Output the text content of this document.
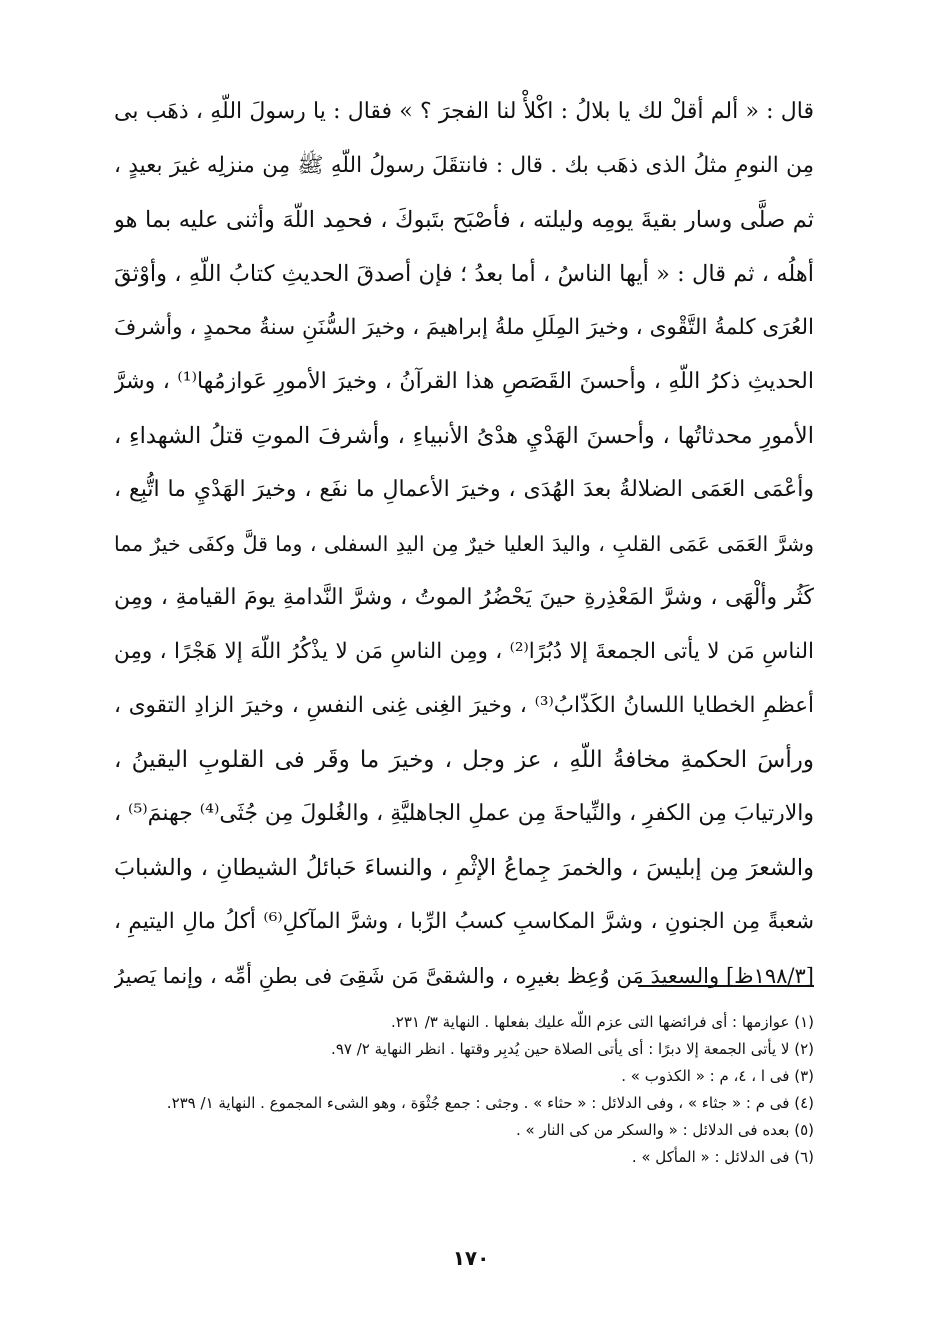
قال : « ألم أقلْ لك يا بلالُ : اكْلأْ لنا الفجرَ ؟ » فقال : يا رسولَ اللّهِ ، ذهَب بى
مِن النومِ مثلُ الذى ذهَب بك . قال : فانتقَلَ رسولُ اللّهِ ﷺ مِن منزلِه غيرَ بعيدٍ ،
ثم صلَّى وسار بقيةَ يومِه وليلته ، فأصْبَح بتَبوكَ ، فحمِد اللّهَ وأثنى عليه بما هو
أهلُه ، ثم قال : « أيها الناسُ ، أما بعدُ ؛ فإن أصدقَ الحديثِ كتابُ اللّهِ ، وأوْثقَ
العُرَى كلمةُ التَّقْوى ، وخيرَ المِلَلِ ملةُ إبراهيمَ ، وخيرَ السُّنَنِ سنةُ محمدٍ ، وأشرفَ
الحديثِ ذكرُ اللّهِ ، وأحسنَ القَصَصِ هذا القرآنُ ، وخيرَ الأمورِ عَوازمُها⁽¹⁾ ، وشرَّ
الأمورِ محدثاتُها ، وأحسنَ الهَدْيِ هدْىُ الأنبياءِ ، وأشرفَ الموتِ قتلُ الشهداءِ ،
وأعْمَى العَمَى الضلالةُ بعدَ الهُدَى ، وخيرَ الأعمالِ ما نفَع ، وخيرَ الهَدْيِ ما اتُّبِع ،
وشرَّ العَمَى عَمَى القلبِ ، واليدَ العليا خيرٌ مِن اليدِ السفلى ، وما قلَّ وكفَى خيرٌ مما
كَثُر وألْهَى ، وشرَّ المَعْذِرةِ حينَ يَحْضُرُ الموتُ ، وشرَّ النَّدامةِ يومَ القيامةِ ، ومِن
الناسِ مَن لا يأتى الجمعةَ إلا دُبُرًا⁽²⁾ ، ومِن الناسِ مَن لا يذْكُرُ اللّهَ إلا هَجْرًا ، ومِن
أعظمِ الخطايا اللسانُ الكَذّابُ⁽³⁾ ، وخيرَ الغِنى غِنى النفسِ ، وخيرَ الزادِ التقوى ،
ورأسَ الحكمةِ مخافةُ اللّهِ ، عز وجل ، وخيرَ ما وقَر فى القلوبِ اليقينُ ،
والارتيابَ مِن الكفرِ ، والنِّياحةَ مِن عملِ الجاهليَّةِ ، والغُلولَ مِن جُثَى⁽⁴⁾ جهنمَ⁽⁵⁾ ،
والشعرَ مِن إبليسَ ، والخمرَ جِماعُ الإثْمِ ، والنساءَ حَبائلُ الشيطانِ ، والشبابَ
شعبةً مِن الجنونِ ، وشرَّ المكاسبِ كسبُ الرِّبا ، وشرَّ المآكلِ⁽⁶⁾ أكلُ مالِ اليتيمِ ،
[١٩٨/٣ظ] والسعيدَ مَن وُعِظ بغيرِه ، والشقىَّ مَن شَقِىَ فى بطنِ أمِّه ، وإنما يَصيرُ
(١) عوازمها : أى فرائضها التى عزم اللّه عليك بفعلها . النهاية ٣/ ٢٣١.
(٢) لا يأتى الجمعة إلا دبرًا : أى يأتى الصلاة حين يُدبِر وقتها . انظر النهاية ٢/ ٩٧.
(٣) فى ا ، ٤، م : « الكذوب » .
(٤) فى م : « جثاء » ، وفى الدلائل : « حثاء » . وجثى : جمع جُثْوَة ، وهو الشىء المجموع . النهاية ١/ ٢٣٩.
(٥) بعده فى الدلائل : « والسكر من كى النار » .
(٦) فى الدلائل : « المأكل » .
١٧٠
